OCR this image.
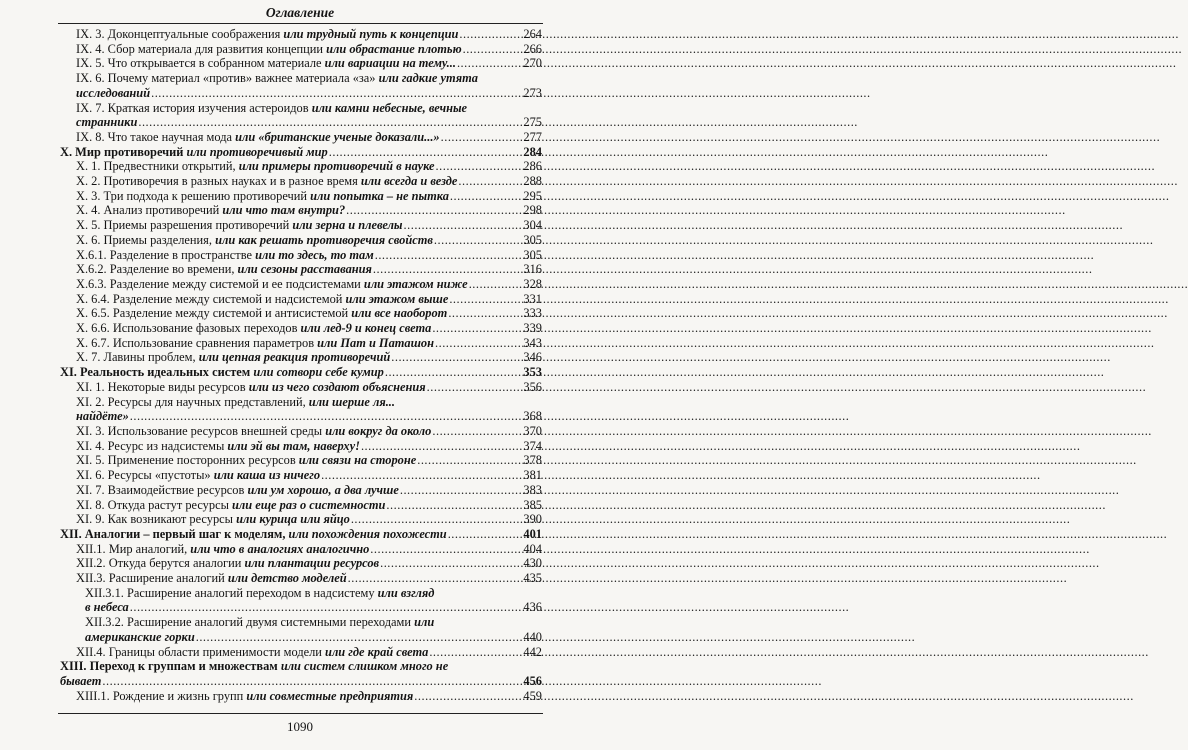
Оглавление
IX. 3. Доконцептуальные соображения или трудный путь к концепции .....	264
IX. 4. Сбор материала для развития концепции или обрастание плотью .....	266
IX. 5. Что открывается в собранном материале или вариации на тему... .....	270
IX. 6. Почему материал «против» важнее материала «за» или гадкие утята
исследований .....	273
IX. 7. Краткая история изучения астероидов или камни небесные, вечные
странники .....	275
IX. 8. Что такое научная мода или «британские ученые доказали...» .....	277
X. Мир противоречий или противоречивый мир .....	284
X. 1. Предвестники открытий, или примеры противоречий в науке .....	286
X. 2. Противоречия в разных науках и в разное время или всегда и везде .....	288
X. 3. Три подхода к решению противоречий или попытка – не пытка .....	295
X. 4. Анализ противоречий или что там внутри? .....	298
X. 5. Приемы разрешения противоречий или зерна и плевелы .....	304
X. 6. Приемы разделения, или как решать противоречия свойств .....	305
X.6.1. Разделение в пространстве или то здесь, то там .....	305
X.6.2. Разделение во времени, или сезоны расставания .....	316
X.6.3. Разделение между системой и ее подсистемами или этажом ниже .....	328
X. 6.4. Разделение между системой и надсистемой или этажом выше .....	331
X. 6.5. Разделение между системой и антисистемой или все наоборот .....	333
X. 6.6. Использование фазовых переходов или лед-9 и конец света .....	339
X. 6.7. Использование сравнения параметров или Пат и Паташон .....	343
X. 7. Лавины проблем, или цепная реакция противоречий .....	346
XI. Реальность идеальных систем или сотвори себе кумир .....	353
XI. 1. Некоторые виды ресурсов или из чего создают объяснения .....	356
XI. 2. Ресурсы для научных представлений, или шерше ля...
найдёте» .....	368
XI. 3. Использование ресурсов внешней среды или вокруг да около .....	370
XI. 4. Ресурс из надсистемы или эй вы там, наверху! .....	374
XI. 5. Применение посторонних ресурсов или связи на стороне .....	378
XI. 6. Ресурсы «пустоты» или каша из ничего .....	381
XI. 7. Взаимодействие ресурсов или ум хорошо, а два лучше .....	383
XI. 8. Откуда растут ресурсы или еще раз о системности .....	385
XI. 9. Как возникают ресурсы или курица или яйцо .....	390
XII. Аналогии – первый шаг к моделям, или похождения похожести .....	401
XII.1. Мир аналогий, или что в аналогиях аналогично .....	404
XII.2. Откуда берутся аналогии или плантации ресурсов .....	430
XII.3. Расширение аналогий или детство моделей .....	435
XII.3.1. Расширение аналогий переходом в надсистему или взгляд
в небеса .....	436
XII.3.2. Расширение аналогий двумя системными переходами или
американские горки .....	440
XII.4. Границы области применимости модели или где край света .....	442
XIII. Переход к группам и множествам или систем слишком много не
бывает .....	456
XIII.1. Рождение и жизнь групп или совместные предприятия .....	459
1090
